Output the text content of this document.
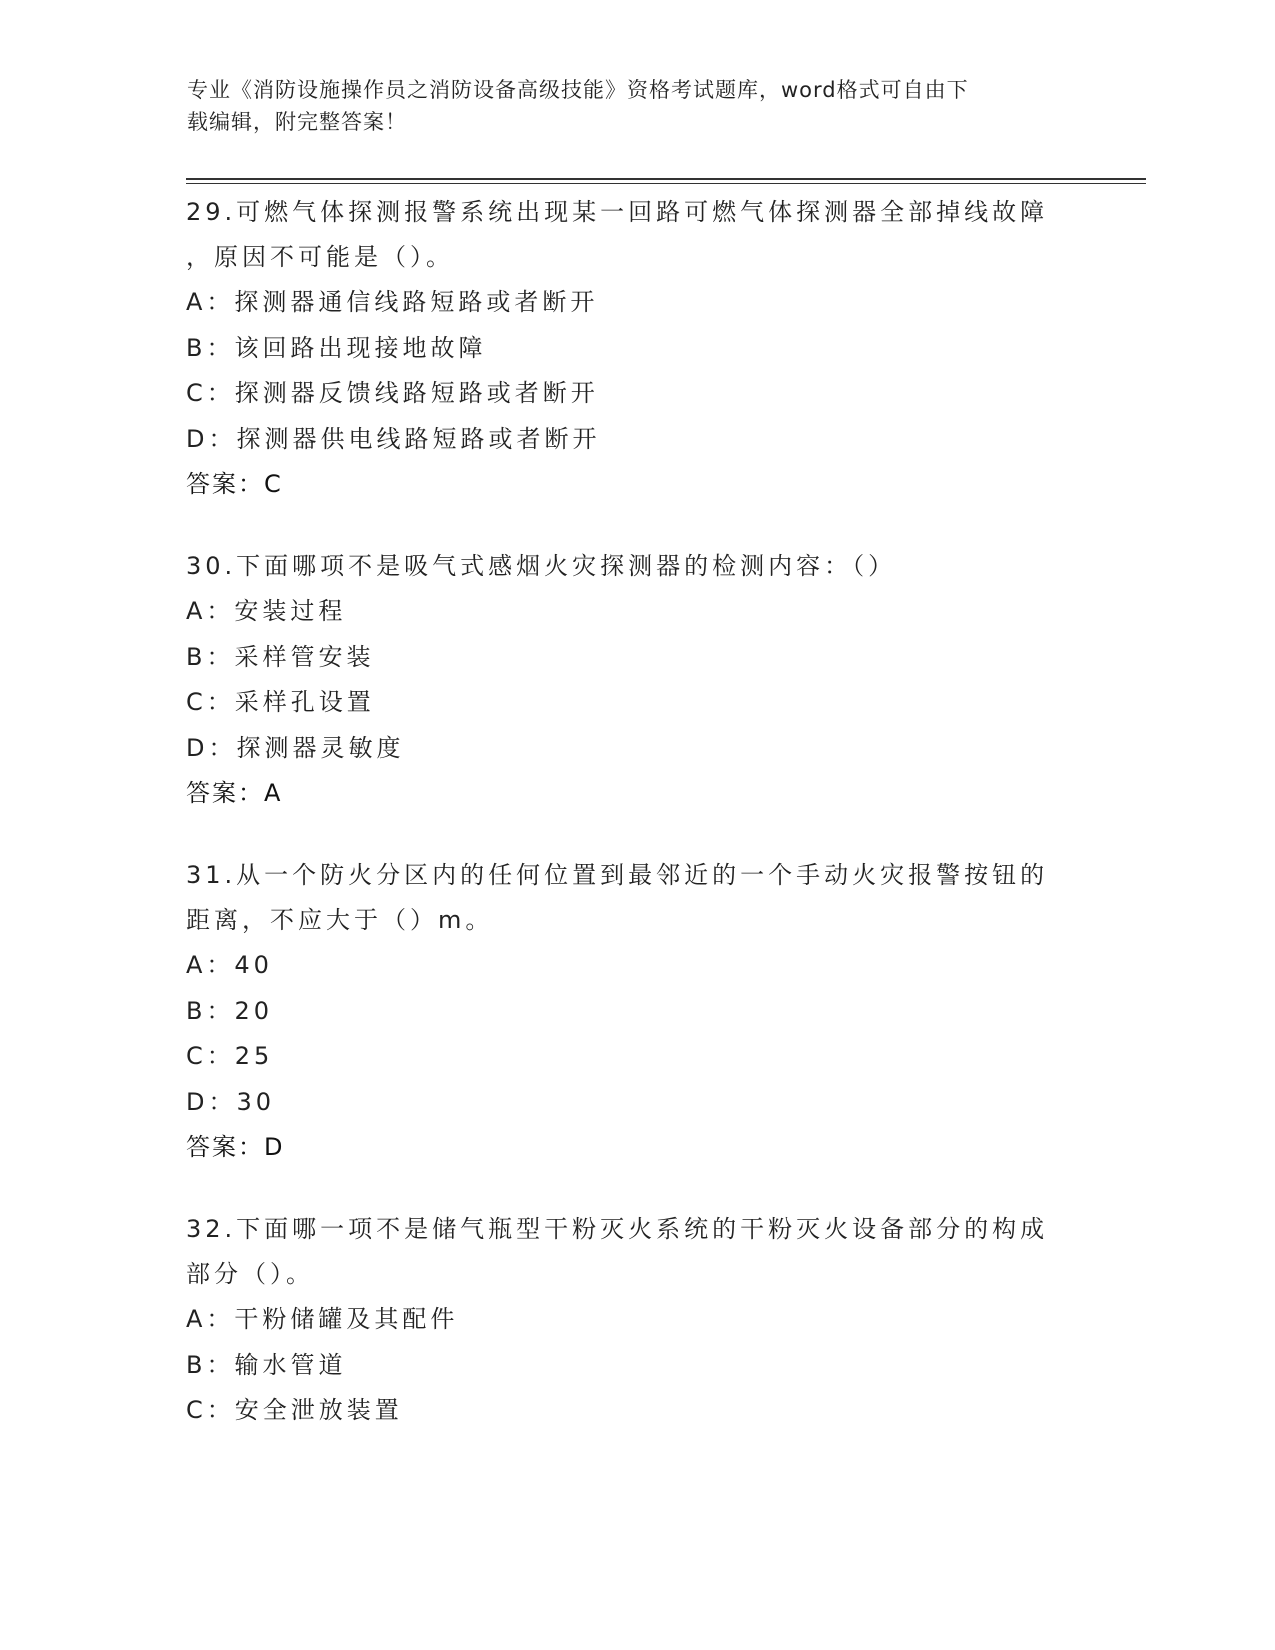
专业《消防设施操作员之消防设备高级技能》资格考试题库，word格式可自由下
载编辑，附完整答案！
29.可燃气体探测报警系统出现某一回路可燃气体探测器全部掉线故障
，原因不可能是（）。
A：探测器通信线路短路或者断开
B：该回路出现接地故障
C：探测器反馈线路短路或者断开
D：探测器供电线路短路或者断开
答案：C
30.下面哪项不是吸气式感烟火灾探测器的检测内容：（）
A：安装过程
B：采样管安装
C：采样孔设置
D：探测器灵敏度
答案：A
31.从一个防火分区内的任何位置到最邻近的一个手动火灾报警按钮的
距离，不应大于（）m。
A：40
B：20
C：25
D：30
答案：D
32.下面哪一项不是储气瓶型干粉灭火系统的干粉灭火设备部分的构成
部分（）。
A：干粉储罐及其配件
B：输水管道
C：安全泄放装置
